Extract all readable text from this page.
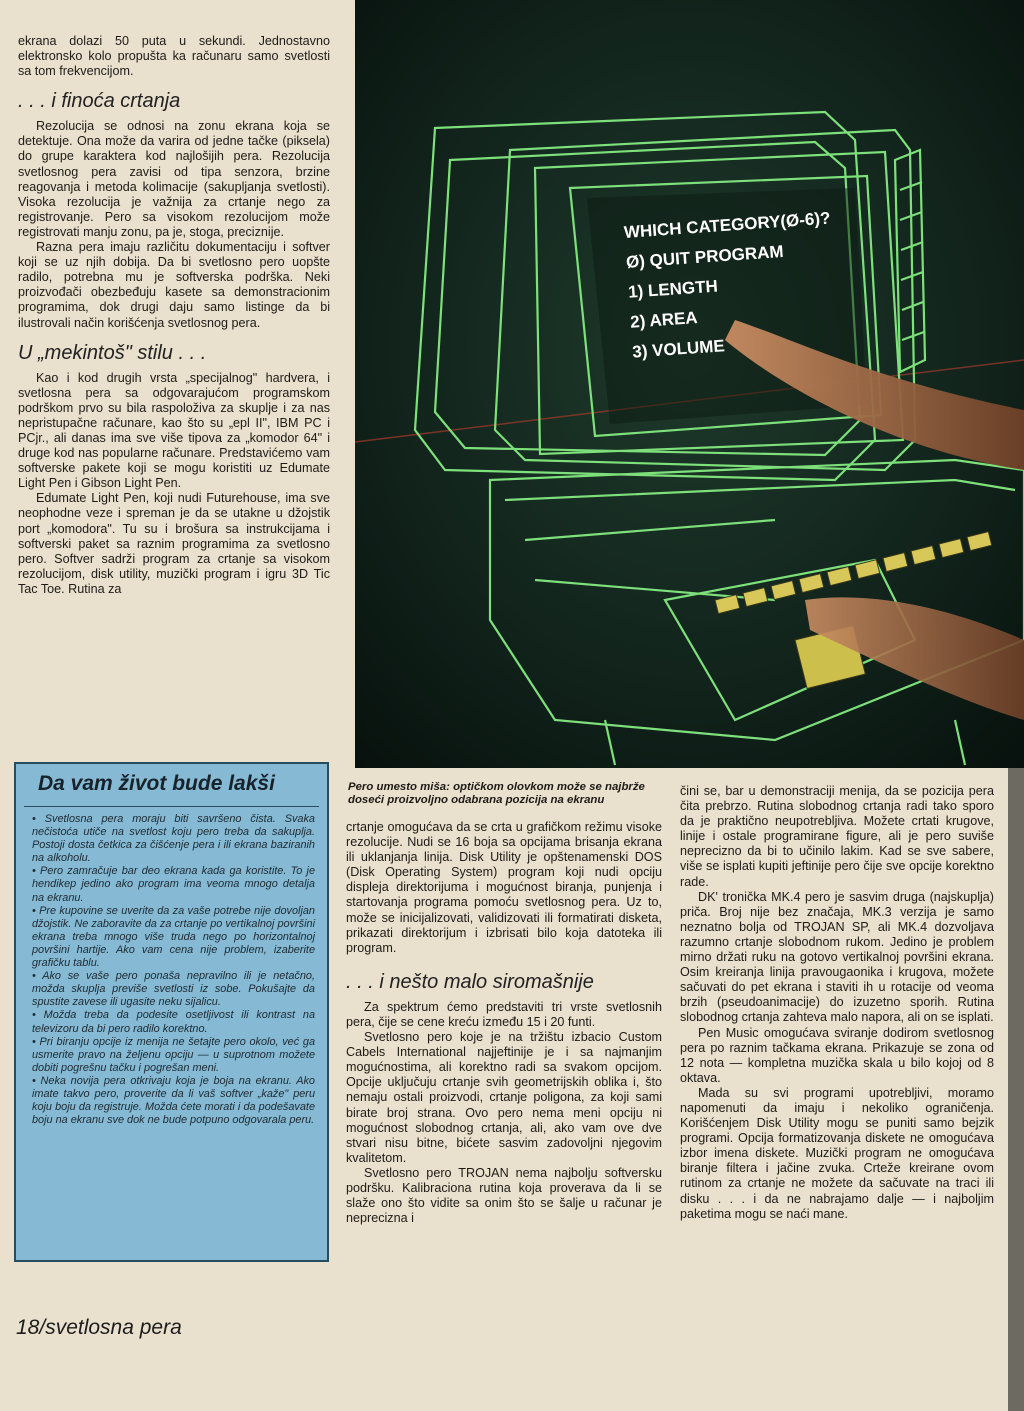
ekrana dolazi 50 puta u sekundi. Jednostavno elektronsko kolo propušta ka računaru samo svetlosti sa tom frekvencijom.

. . . i finoća crtanja

Rezolucija se odnosi na zonu ekrana koja se detektuje. Ona može da varira od jedne tačke (piksela) do grupe karaktera kod najlošijih pera. Rezolucija svetlosnog pera zavisi od tipa senzora, brzine reagovanja i metoda kolimacije (sakupljanja svetlosti). Visoka rezolucija je važnija za crtanje nego za registrovanje. Pero sa visokom rezolucijom može registrovati manju zonu, pa je, stoga, preciznije.

Razna pera imaju različitu dokumentaciju i softver koji se uz njih dobija. Da bi svetlosno pero uopšte radilo, potrebna mu je softverska podrška. Neki proizvođači obezbeđuju kasete sa demonstracionim programima, dok drugi daju samo listinge da bi ilustrovali način korišćenja svetlosnog pera.

U „mekintoš" stilu . . .

Kao i kod drugih vrsta „specijalnog" hardvera, i svetlosna pera sa odgovarajućom programskom podrškom prvo su bila raspoloživa za skuplje i za nas nepristupačne računare, kao što su „epl II", IBM PC i PCjr., ali danas ima sve više tipova za „komodor 64" i druge kod nas popularne računare. Predstavićemo vam softverske pakete koji se mogu koristiti uz Edumate Light Pen i Gibson Light Pen.

Edumate Light Pen, koji nudi Futurehouse, ima sve neophodne veze i spreman je da se utakne u džojstik port „komodora". Tu su i brošura sa instrukcijama i softverski paket sa raznim programima za svetlosno pero. Softver sadrži program za crtanje sa visokom rezolucijom, disk utility, muzički program i igru 3D Tic Tac Toe. Rutina za

WHICH CATEGORY(Ø-6)?
Ø) QUIT PROGRAM
1) LENGTH
2) AREA
3) VOLUME
Da vam život bude lakši

• Svetlosna pera moraju biti savršeno čista. Svaka nečistoća utiče na svetlost koju pero treba da sakuplja. Postoji dosta četkica za čišćenje pera i ili ekrana baziranih na alkoholu.

• Pero zamračuje bar deo ekrana kada ga koristite. To je hendikep jedino ako program ima veoma mnogo detalja na ekranu.

• Pre kupovine se uverite da za vaše potrebe nije dovoljan džojstik. Ne zaboravite da za crtanje po vertikalnoj površini ekrana treba mnogo više truda nego po horizontalnoj površini hartije. Ako vam cena nije problem, izaberite grafičku tablu.

• Ako se vaše pero ponaša nepravilno ili je netačno, možda skuplja previše svetlosti iz sobe. Pokušajte da spustite zavese ili ugasite neku sijalicu.

• Možda treba da podesite osetljivost ili kontrast na televizoru da bi pero radilo korektno.

• Pri biranju opcije iz menija ne šetajte pero okolo, već ga usmerite pravo na željenu opciju — u suprotnom možete dobiti pogrešnu tačku i pogrešan meni.

• Neka novija pera otkrivaju koja je boja na ekranu. Ako imate takvo pero, proverite da li vaš softver „kaže" peru koju boju da registruje. Možda ćete morati i da podešavate boju na ekranu sve dok ne bude potpuno odgovarala peru.

18/svetlosna pera
Pero umesto miša: optičkom olovkom može se najbrže doseći proizvoljno odabrana pozicija na ekranu

crtanje omogućava da se crta u grafičkom režimu visoke rezolucije. Nudi se 16 boja sa opcijama brisanja ekrana ili uklanjanja linija. Disk Utility je opštenamenski DOS (Disk Operating System) program koji nudi opciju displeja direktorijuma i mogućnost biranja, punjenja i startovanja programa pomoću svetlosnog pera. Uz to, može se inicijalizovati, validizovati ili formatirati disketa, prikazati direktorijum i izbrisati bilo koja datoteka ili program.

. . . i nešto malo siromašnije

Za spektrum ćemo predstaviti tri vrste svetlosnih pera, čije se cene kreću između 15 i 20 funti.

Svetlosno pero koje je na tržištu izbacio Custom Cabels International najjeftinije je i sa najmanjim mogućnostima, ali korektno radi sa svakom opcijom. Opcije uključuju crtanje svih geometrijskih oblika i, što nemaju ostali proizvodi, crtanje poligona, za koji sami birate broj strana. Ovo pero nema meni opciju ni mogućnost slobodnog crtanja, ali, ako vam ove dve stvari nisu bitne, bićete sasvim zadovoljni njegovim kvalitetom.

Svetlosno pero TROJAN nema najbolju softversku podršku. Kalibraciona rutina koja proverava da li se slaže ono što vidite sa onim što se šalje u računar je neprecizna i

čini se, bar u demonstraciji menija, da se pozicija pera čita prebrzo. Rutina slobodnog crtanja radi tako sporo da je praktično neupotrebljiva. Možete crtati krugove, linije i ostale programirane figure, ali je pero suviše neprecizno da bi to učinilo lakim. Kad se sve sabere, više se isplati kupiti jeftinije pero čije sve opcije korektno rade.

DK' tronička MK.4 pero je sasvim druga (najskuplja) priča. Broj nije bez značaja, MK.3 verzija je samo neznatno bolja od TROJAN SP, ali MK.4 dozvoljava razumno crtanje slobodnom rukom. Jedino je problem mirno držati ruku na gotovo vertikalnoj površini ekrana. Osim kreiranja linija pravougaonika i krugova, možete sačuvati do pet ekrana i staviti ih u rotacije od veoma brzih (pseudoanimacije) do izuzetno sporih. Rutina slobodnog crtanja zahteva malo napora, ali on se isplati.

Pen Music omogućava sviranje dodirom svetlosnog pera po raznim tačkama ekrana. Prikazuje se zona od 12 nota — kompletna muzička skala u bilo kojoj od 8 oktava.

Mada su svi programi upotrebljivi, moramo napomenuti da imaju i nekoliko ograničenja. Korišćenjem Disk Utility mogu se puniti samo bejzik programi. Opcija formatizovanja diskete ne omogućava izbor imena diskete. Muzički program ne omogućava biranje filtera i jačine zvuka. Crteže kreirane ovom rutinom za crtanje ne možete da sačuvate na traci ili disku . . . i da ne nabrajamo dalje — i najboljim paketima mogu se naći mane.
